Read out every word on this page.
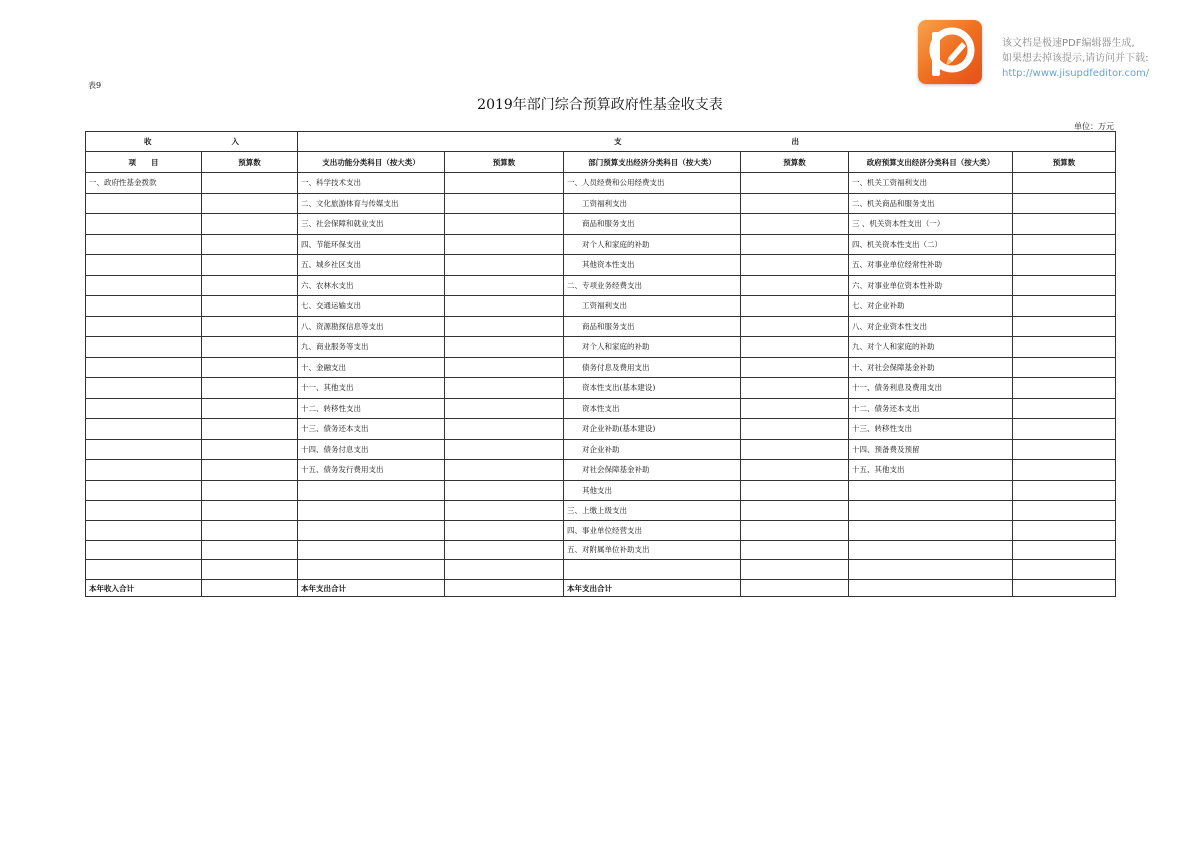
该文档是极速PDF编辑器生成,
如果想去掉该提示,请访问并下载:
http://www.jisupdfeditor.com/
表9
2019年部门综合预算政府性基金收支表
单位：万元
收 入		支 出					
项　　目	预算数	支出功能分类科目（按大类）	预算数	部门预算支出经济分类科目（按大类）	预算数	政府预算支出经济分类科目（按大类）	预算数
一、政府性基金拨款		一、科学技术支出		一、人员经费和公用经费支出		一、机关工资福利支出	
		二、文化旅游体育与传媒支出		工资福利支出		二、机关商品和服务支出	
		三、社会保障和就业支出		商品和服务支出		三 、机关资本性支出（一）	
		四、节能环保支出		对个人和家庭的补助		四、机关资本性支出（二）	
		五、城乡社区支出		其他资本性支出		五、对事业单位经常性补助	
		六、农林水支出		二、专项业务经费支出		六、对事业单位资本性补助	
		七、交通运输支出		工资福利支出		七、对企业补助	
		八、资源勘探信息等支出		商品和服务支出		八、对企业资本性支出	
		九、商业服务等支出		对个人和家庭的补助		九、对个人和家庭的补助	
		十、金融支出		债务付息及费用支出		十、对社会保障基金补助	
		十一、其他支出		资本性支出(基本建设)		十一、债务利息及费用支出	
		十二、转移性支出		资本性支出		十二、债务还本支出	
		十三、债务还本支出		对企业补助(基本建设)		十三、转移性支出	
		十四、债务付息支出		对企业补助		十四、预备费及预留	
		十五、债务发行费用支出		对社会保障基金补助		十五、其他支出	
				其他支出			
				三、上缴上级支出			
				四、事业单位经营支出			
				五、对附属单位补助支出			

本年收入合计		本年支出合计		本年支出合计			
